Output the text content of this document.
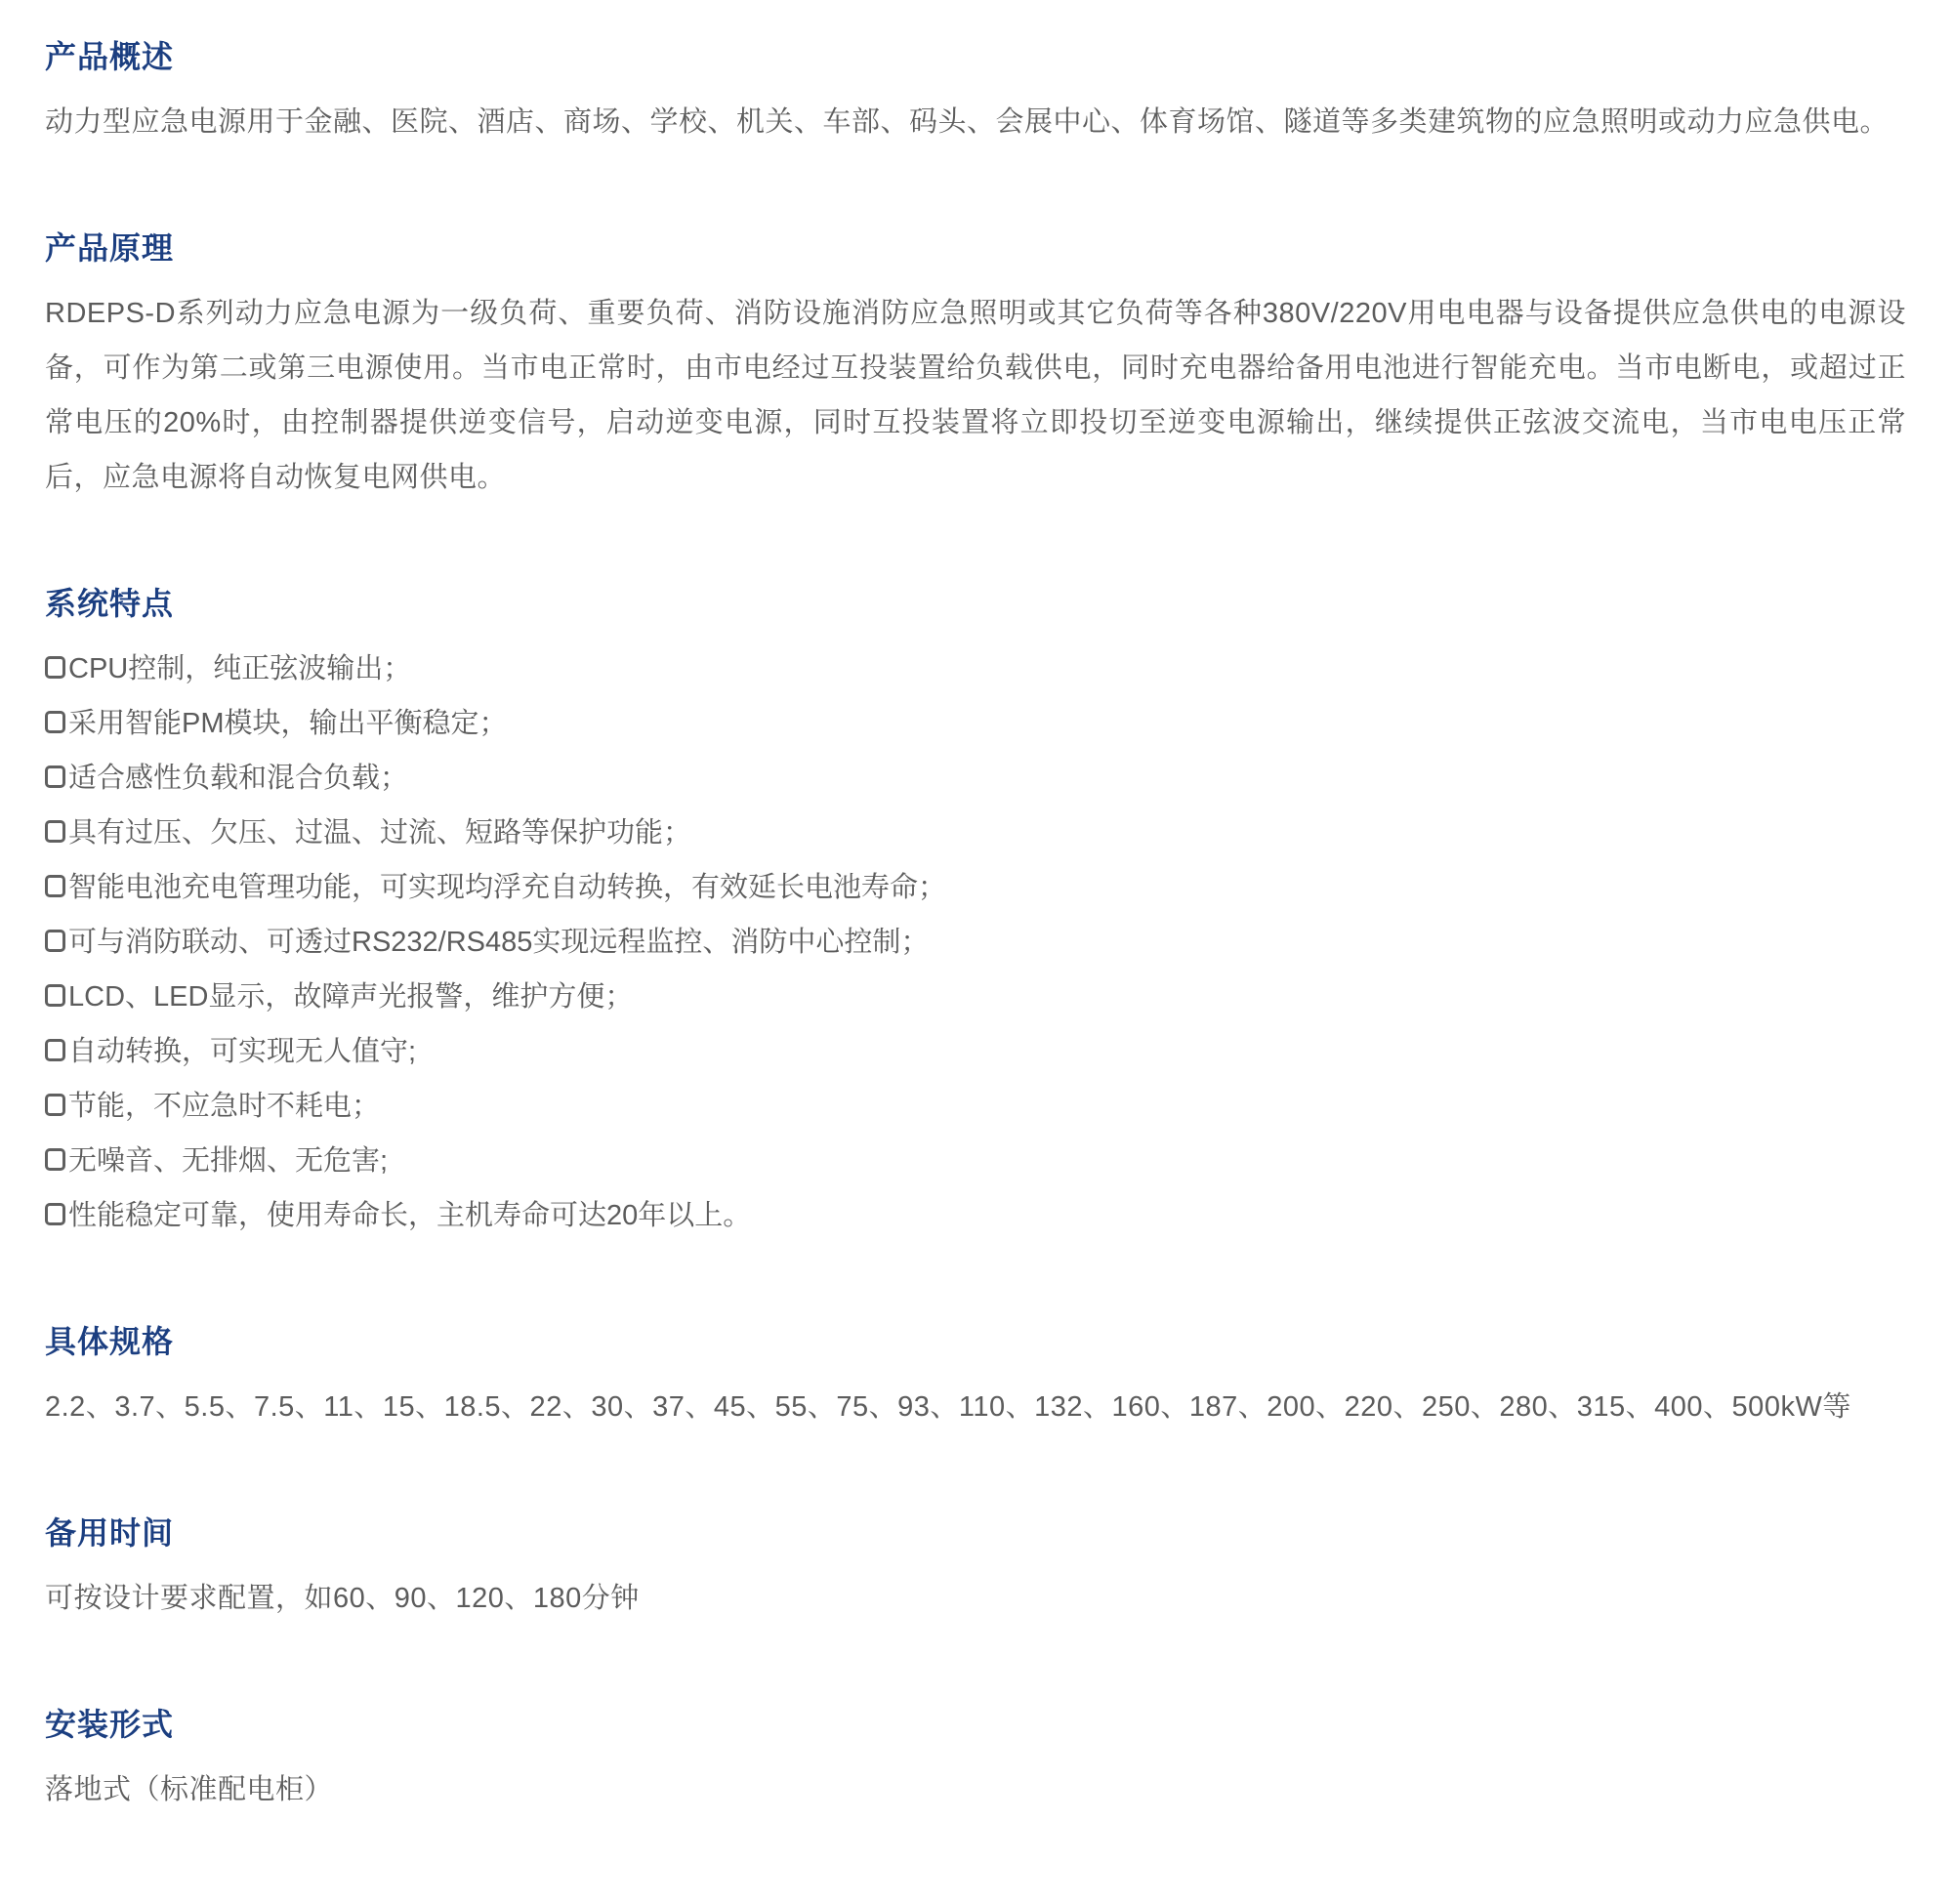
产品概述

动力型应急电源用于金融、医院、酒店、商场、学校、机关、车部、码头、会展中心、体育场馆、隧道等多类建筑物的应急照明或动力应急供电。

产品原理

RDEPS-D系列动力应急电源为一级负荷、重要负荷、消防设施消防应急照明或其它负荷等各种380V/220V用电电器与设备提供应急供电的电源设备，可作为第二或第三电源使用。当市电正常时，由市电经过互投装置给负载供电，同时充电器给备用电池进行智能充电。当市电断电，或超过正常电压的20%时，由控制器提供逆变信号，启动逆变电源，同时互投装置将立即投切至逆变电源输出，继续提供正弦波交流电，当市电电压正常后，应急电源将自动恢复电网供电。

系统特点
CPU控制，纯正弦波输出；
采用智能PM模块，输出平衡稳定；
适合感性负载和混合负载；
具有过压、欠压、过温、过流、短路等保护功能；
智能电池充电管理功能，可实现均浮充自动转换，有效延长电池寿命；
可与消防联动、可透过RS232/RS485实现远程监控、消防中心控制；
LCD、LED显示，故障声光报警，维护方便；
自动转换，可实现无人值守;
节能，不应急时不耗电；
无噪音、无排烟、无危害;
性能稳定可靠，使用寿命长，主机寿命可达20年以上。
具体规格

2.2、3.7、5.5、7.5、11、15、18.5、22、30、37、45、55、75、93、110、132、160、187、200、220、250、280、315、400、500kW等

备用时间

可按设计要求配置，如60、90、120、180分钟

安装形式

落地式（标准配电柜）
